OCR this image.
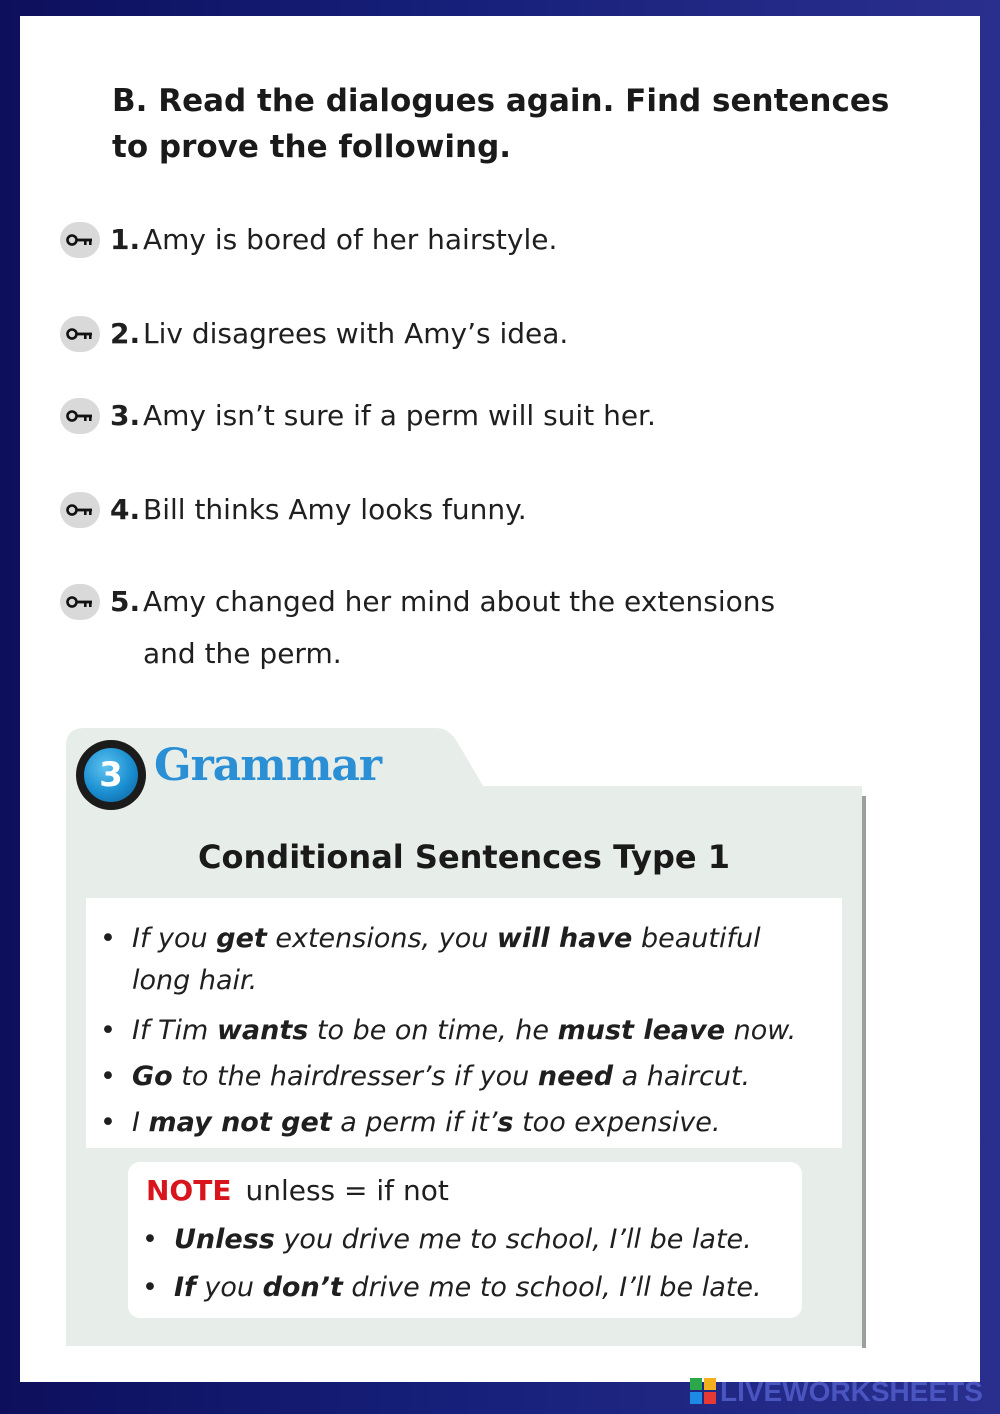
B. Read the dialogues again. Find sentences
to prove the following.
1. Amy is bored of her hairstyle.
2. Liv disagrees with Amy’s idea.
3. Amy isn’t sure if a perm will suit her.
4. Bill thinks Amy looks funny.
5. Amy changed her mind about the extensions
and the perm.
3 Grammar
Conditional Sentences Type 1
• If you get extensions, you will have beautiful
long hair.
• If Tim wants to be on time, he must leave now.
• Go to the hairdresser’s if you need a haircut.
• I may not get a perm if it’s too expensive.
NOTE unless = if not
• Unless you drive me to school, I’ll be late.
• If you don’t drive me to school, I’ll be late.
LIVEWORKSHEETS
